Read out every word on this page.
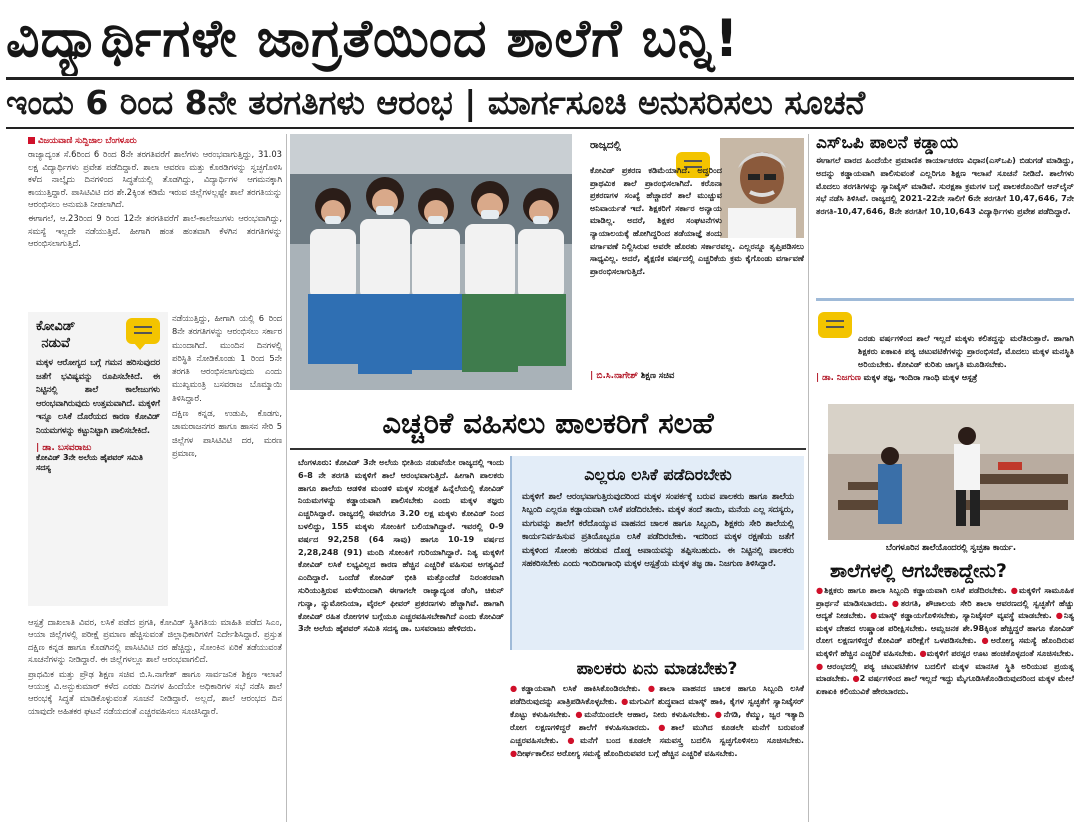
ವಿದ್ಯಾರ್ಥಿಗಳೇ ಜಾಗ್ರತೆಯಿಂದ ಶಾಲೆಗೆ ಬನ್ನಿ!
ಇಂದು 6 ರಿಂದ 8ನೇ ತರಗತಿಗಳು ಆರಂಭ | ಮಾರ್ಗಸೂಚಿ ಅನುಸರಿಸಲು ಸೂಚನೆ

ವಿಜಯವಾಣಿ ಸುದ್ದಿಜಾಲ ಬೆಂಗಳೂರು

ರಾಜ್ಯಾದ್ಯಂತ ಸೆ.6ರಿಂದ 6 ರಿಂದ 8ನೇ ತರಗತಿವರೆಗೆ ಶಾಲೆಗಳು ಆರಂಭವಾಗುತ್ತಿದ್ದು, 31.03 ಲಕ್ಷ ವಿದ್ಯಾರ್ಥಿಗಳು ಪ್ರವೇಶ ಪಡೆದಿದ್ದಾರೆ. ಶಾಲಾ ಆವರಣ ಮತ್ತು ಕೊಠಡಿಗಳನ್ನು ಸ್ವಚ್ಛಗೊಳಿಸಿ ಕಳೆದ ನಾಲ್ಕೈದು ದಿನಗಳಿಂದ ಸಿದ್ಧತೆಯಲ್ಲಿ ತೊಡಗಿದ್ದು, ವಿದ್ಯಾರ್ಥಿಗಳ ಆಗಮನಕ್ಕಾಗಿ ಕಾಯುತ್ತಿದ್ದಾರೆ. ಪಾಸಿಟಿವಿಟಿ ದರ ಶೇ.2ಕ್ಕಿಂತ ಕಡಿಮೆ ಇರುವ ಜಿಲ್ಲೆಗಳಲ್ಲಷ್ಟೇ ಶಾಲೆ ತರಗತಿಯನ್ನು ಆರಂಭಿಸಲು ಅನುಮತಿ ನೀಡಲಾಗಿದೆ.

ಈಗಾಗಲೆ, ಆ.23ರಿಂದ 9 ರಿಂದ 12ನೇ ತರಗತಿವರೆಗೆ ಶಾಲೆ-ಕಾಲೇಜುಗಳು ಆರಂಭವಾಗಿದ್ದು, ಸಮಸ್ಯೆ ಇಲ್ಲದೇ ನಡೆಯುತ್ತಿವೆ. ಹೀಗಾಗಿ ಹಂತ ಹಂತವಾಗಿ ಕೆಳಗಿನ ತರಗತಿಗಳನ್ನು ಆರಂಭಿಸಲಾಗುತ್ತಿದೆ.

ಕೋವಿಡ್
ನಡುವೆ
ಮಕ್ಕಳ ಆರೋಗ್ಯದ ಬಗ್ಗೆ ಗಮನ ಹರಿಸುವುದರ ಜತೆಗೆ ಭವಿಷ್ಯವನ್ನು ರೂಪಿಸಬೇಕಿದೆ. ಈ ನಿಟ್ಟಿನಲ್ಲಿ ಶಾಲೆ ಕಾಲೇಜುಗಳು ಆರಂಭವಾಗಿರುವುದು ಉತ್ತಮವಾಗಿದೆ. ಮಕ್ಕಳಿಗೆ ಇನ್ನೂ ಲಸಿಕೆ ದೊರೆಯದ ಕಾರಣ ಕೋವಿಡ್ ನಿಯಮಗಳನ್ನು ಕಟ್ಟುನಿಟ್ಟಾಗಿ ಪಾಲಿಸಬೇಕಿದೆ.
| ಡಾ. ಬಸವರಾಜು
ಕೋವಿಡ್ 3ನೇ ಅಲೆಯ ಹೈಪವರ್ ಸಮಿತಿ ಸದಸ್ಯ

ನಡೆಯುತ್ತಿದ್ದು, ಹೀಗಾಗಿ ಯಲ್ಲಿ 6 ರಿಂದ 8ನೇ ತರಗತಿಗಳನ್ನು ಆರಂಭಿಸಲು ಸರ್ಕಾರ ಮುಂದಾಗಿದೆ. ಮುಂದಿನ ದಿನಗಳಲ್ಲಿ ಪರಿಸ್ಥಿತಿ ನೋಡಿಕೊಂಡು 1 ರಿಂದ 5ನೇ ತರಗತಿ ಆರಂಭಿಸಲಾಗುವುದು ಎಂದು ಮುಖ್ಯಮಂತ್ರಿ ಬಸವರಾಜ ಬೊಮ್ಮಾಯಿ ತಿಳಿಸಿದ್ದಾರೆ.

ದಕ್ಷಿಣ ಕನ್ನಡ, ಉಡುಪಿ, ಕೊಡಗು, ಚಾಮರಾಜನಗರ ಹಾಗೂ ಹಾಸನ ಸೇರಿ 5 ಜಿಲ್ಲೆಗಳ ಪಾಸಿಟಿವಿಟಿ ದರ, ಮರಣ ಪ್ರಮಾಣ,

ಆಸ್ಪತ್ರೆ ದಾಖಲಾತಿ ವಿವರ, ಲಸಿಕೆ ಪಡೆದ ಪ್ರಗತಿ, ಕೋವಿಡ್ ಸ್ಥಿತಿಗತಿಯ ಮಾಹಿತಿ ಪಡೆದ ಸಿಎಂ, ಆಯಾ ಜಿಲ್ಲೆಗಳಲ್ಲಿ ಪರೀಕ್ಷೆ ಪ್ರಮಾಣ ಹೆಚ್ಚಿಸುವಂತೆ ಜಿಲ್ಲಾಧಿಕಾರಿಗಳಿಗೆ ನಿರ್ದೇಶಿಸಿದ್ದಾರೆ. ಪ್ರಸ್ತುತ ದಕ್ಷಿಣ ಕನ್ನಡ ಹಾಗೂ ಕೊಡಗಿನಲ್ಲಿ ಪಾಸಿಟಿವಿಟಿ ದರ ಹೆಚ್ಚಿದ್ದು, ಸೋಂಕಿನ ಏರಿಕೆ ತಡೆಯುವಂತೆ ಸೂಚನೆಗಳನ್ನು ನೀಡಿದ್ದಾರೆ. ಈ ಜಿಲ್ಲೆಗಳಲ್ಲೂ ಶಾಲೆ ಆರಂಭವಾಗಲಿದೆ.

ಪ್ರಾಥಮಿಕ ಮತ್ತು ಪ್ರೌಢ ಶಿಕ್ಷಣ ಸಚಿವ ಬಿ.ಸಿ.ನಾಗೇಶ್ ಹಾಗೂ ಸಾರ್ವಜನಿಕ ಶಿಕ್ಷಣ ಇಲಾಖೆ ಆಯುಕ್ತ ವಿ.ಅನ್ಬುಕುಮಾರ್ ಕಳೆದ ಎರಡು ದಿನಗಳ ಹಿಂದೆಯೇ ಅಧಿಕಾರಿಗಳ ಸಭೆ ನಡೆಸಿ ಶಾಲೆ ಆರಂಭಕ್ಕೆ ಸಿದ್ಧತೆ ಮಾಡಿಕೊಳ್ಳುವಂತೆ ಸೂಚನೆ ನೀಡಿದ್ದಾರೆ. ಅಲ್ಲದೆ, ಶಾಲೆ ಆರಂಭದ ದಿನ ಯಾವುದೇ ಅಹಿತಕರ ಘಟನೆ ನಡೆಯದಂತೆ ಎಚ್ಚರವಹಿಸಲು ಸೂಚಿಸಿದ್ದಾರೆ.

ರಾಜ್ಯದಲ್ಲಿ
ಕೋವಿಡ್ ಪ್ರಕರಣ ಕಡಿಮೆಯಾಗಿದೆ. ಅದ್ದರಿಂದ ಪ್ರಾಥಮಿಕ ಶಾಲೆ ಪ್ರಾರಂಭಿಸಲಾಗಿದೆ. ಕರೊನಾ ಪ್ರಕರಣಗಳ ಸಂಖ್ಯೆ ಹೆಚ್ಚಾದರೆ ಶಾಲೆ ಮುಚ್ಚುವ ಅನಿವಾರ್ಯತೆ ಇದೆ. ಶಿಕ್ಷಕರಿಗೆ ಸರ್ಕಾರ ಅನ್ಯಾಯ ಮಾಡಿಲ್ಲ. ಅದರೆ, ಶಿಕ್ಷಕರ ಸಂಘಟನೆಗಳು ನ್ಯಾಯಾಲಯಕ್ಕೆ ಹೋಗಿದ್ದರಿಂದ ತಡೆಯಾಜ್ಞೆ ತಂದು ವರ್ಗಾವಣೆ ನಿಲ್ಲಿಸಿರುವ ಅವರೇ ಹೊರತು ಸರ್ಕಾರವಲ್ಲ. ಎಲ್ಲರನ್ನೂ ತೃಪ್ತಿಪಡಿಸಲು ಸಾಧ್ಯವಿಲ್ಲ. ಅದರೆ, ಶೈಕ್ಷಣಿಕ ವರ್ಷದಲ್ಲಿ ಎಚ್ಚರಿಕೆಯ ಕ್ರಮ ಕೈಗೊಂಡು ವರ್ಗಾವಣೆ ಪ್ರಾರಂಭಿಸಲಾಗುತ್ತಿದೆ.
| ಬಿ.ಸಿ.ನಾಗೇಶ್ ಶಿಕ್ಷಣ ಸಚಿವ
ಎಸ್‌ಒಪಿ ಪಾಲನೆ ಕಡ್ಡಾಯ
ಈಗಾಗಲೆ ವಾರದ ಹಿಂದೆಯೇ ಪ್ರಮಾಣಿತ ಕಾರ್ಯಾಚರಣ ವಿಧಾನ(ಎಸ್‌ಒಪಿ) ಬಿಡುಗಡೆ ಮಾಡಿದ್ದು, ಅದನ್ನು ಕಡ್ಡಾಯವಾಗಿ ಪಾಲಿಸುವಂತೆ ಎಲ್ಲರಿಗೂ ಶಿಕ್ಷಣ ಇಲಾಖೆ ಸೂಚನೆ ನೀಡಿದೆ. ಶಾಲೆಗಳು ಮೊದಲು ತರಗತಿಗಳನ್ನು ಸ್ಯಾನಿಟೈಸ್ ಮಾಡಿವೆ. ಸುರಕ್ಷತಾ ಕ್ರಮಗಳ ಬಗ್ಗೆ ಪಾಲಕರೊಂದಿಗೆ ಆನ್‌ಲೈನ್ ಸಭೆ ನಡೆಸಿ ತಿಳಿಸಿವೆ. ರಾಜ್ಯದಲ್ಲಿ 2021-22ನೇ ಸಾಲಿಗೆ 6ನೇ ತರಗತಿಗೆ 10,47,646, 7ನೇ ತರಗತಿ-10,47,646, 8ನೇ ತರಗತಿಗೆ 10,10,643 ವಿದ್ಯಾರ್ಥಿಗಳು ಪ್ರವೇಶ ಪಡೆದಿದ್ದಾರೆ.
ಎರಡು ವರ್ಷಗಳಿಂದ ಶಾಲೆ ಇಲ್ಲದೆ ಮಕ್ಕಳು ಕಲಿತದ್ದನ್ನು ಮರೆತಿರುತ್ತಾರೆ. ಹಾಗಾಗಿ ಶಿಕ್ಷಕರು ಏಕಾಏಕಿ ಪಠ್ಯ ಚಟುವಟಿಕೆಗಳನ್ನು ಪ್ರಾರಂಭಿಸದೆ, ಮೊದಲು ಮಕ್ಕಳ ಮನಸ್ಥಿತಿ ಅರಿಯಬೇಕು. ಕೋವಿಡ್ ಕುರಿತು ಜಾಗೃತಿ ಮೂಡಿಸಬೇಕು.
| ಡಾ. ನಿಜಗುಣ ಮಕ್ಕಳ ತಜ್ಞ, ಇಂದಿರಾ ಗಾಂಧಿ ಮಕ್ಕಳ ಆಸ್ಪತ್ರೆ
ಬೆಂಗಳೂರಿನ ಶಾಲೆಯೊಂದರಲ್ಲಿ ಸ್ವಚ್ಛತಾ ಕಾರ್ಯ.
ಶಾಲೆಗಳಲ್ಲಿ ಆಗಬೇಕಾದ್ದೇನು?
●ಶಿಕ್ಷಕರು ಹಾಗೂ ಶಾಲಾ ಸಿಬ್ಬಂದಿ ಕಡ್ಡಾಯವಾಗಿ ಲಸಿಕೆ ಪಡೆದಿರಬೇಕು. ●ಮಕ್ಕಳಿಗೆ ಸಾಮೂಹಿಕ ಪ್ರಾರ್ಥನೆ ಮಾಡಿಸಬಾರದು. ●ತರಗತಿ, ಶೌಚಾಲಯ ಸೇರಿ ಶಾಲಾ ಆವರಣದಲ್ಲಿ ಸ್ವಚ್ಛತೆಗೆ ಹೆಚ್ಚು ಆದ್ಯತೆ ನೀಡಬೇಕು. ●ಮಾಸ್ಕ್ ಕಡ್ಡಾಯಗೊಳಿಸಬೇಕು, ಸ್ಯಾನಿಟೈಸರ್ ವ್ಯವಸ್ಥೆ ಮಾಡಬೇಕು. ●ನಿತ್ಯ ಮಕ್ಕಳ ದೇಹದ ಉಷ್ಣಾಂಶ ಪರೀಕ್ಷಿಸಬೇಕು. ಆಮ್ಲಜನಕ ಶೇ.98ಕ್ಕಿಂತ ಹೆಚ್ಚಿದ್ದರೆ ಹಾಗೂ ಕೋವಿಡ್ ರೋಗ ಲಕ್ಷಣಗಳಿದ್ದರೆ ಕೋವಿಡ್ ಪರೀಕ್ಷೆಗೆ ಒಳಪಡಿಸಬೇಕು. ●ಅರೋಗ್ಯ ಸಮಸ್ಯೆ ಹೊಂದಿರುವ ಮಕ್ಕಳಿಗೆ ಹೆಚ್ಚಿನ ಎಚ್ಚರಿಕೆ ವಹಿಸಬೇಕು. ●ಮಕ್ಕಳಿಗೆ ಪರಸ್ಪರ ಊಟ ಹಂಚಿಕೊಳ್ಳದಂತೆ ಸೂಚಿಸಬೇಕು. ●ಆರಂಭದಲ್ಲಿ ಪಠ್ಯ ಚಟುವಟಿಕೆಗಳ ಬದಲಿಗೆ ಮಕ್ಕಳ ಮಾನಸಿಕ ಸ್ಥಿತಿ ಅರಿಯುವ ಪ್ರಯತ್ನ ಮಾಡಬೇಕು. ●2 ವರ್ಷಗಳಿಂದ ಶಾಲೆ ಇಲ್ಲದೆ ಇದ್ದು ಮೈಗೂಡಿಸಿಕೊಂಡಿರುವುದರಿಂದ ಮಕ್ಕಳ ಮೇಲೆ ಏಕಾಏಕಿ ಕಲಿಯುವಿಕೆ ಹೇರಬಾರದು.
ಎಚ್ಚರಿಕೆ ವಹಿಸಲು ಪಾಲಕರಿಗೆ ಸಲಹೆ
ಬೆಂಗಳೂರು: ಕೋವಿಡ್ 3ನೇ ಅಲೆಯ ಭೀತಿಯ ನಡುವೆಯೇ ರಾಜ್ಯದಲ್ಲಿ ಇಂದು 6-8 ನೇ ತರಗತಿ ಮಕ್ಕಳಿಗೆ ಶಾಲೆ ಆರಂಭವಾಗುತ್ತಿದೆ. ಹೀಗಾಗಿ ಪಾಲಕರು ಹಾಗೂ ಶಾಲೆಯ ಆಡಳಿತ ಮಂಡಳಿ ಮಕ್ಕಳ ಸುರಕ್ಷತೆ ಹಿನ್ನೆಲೆಯಲ್ಲಿ ಕೋವಿಡ್ ನಿಯಮಗಳನ್ನು ಕಡ್ಡಾಯವಾಗಿ ಪಾಲಿಸಬೇಕು ಎಂದು ಮಕ್ಕಳ ತಜ್ಞರು ಎಚ್ಚರಿಸಿದ್ದಾರೆ. ರಾಜ್ಯದಲ್ಲಿ ಈವರೆಗೂ 3.20 ಲಕ್ಷ ಮಕ್ಕಳು ಕೋವಿಡ್ ನಿಂದ ಬಳಲಿದ್ದು, 155 ಮಕ್ಕಳು ಸೋಂಕಿಗೆ ಬಲಿಯಾಗಿದ್ದಾರೆ. ಇವರಲ್ಲಿ 0-9 ವರ್ಷದ 92,258 (64 ಸಾವು) ಹಾಗೂ 10-19 ವರ್ಷದ 2,28,248 (91) ಮಂದಿ ಸೋಂಕಿಗೆ ಗುರಿಯಾಗಿದ್ದಾರೆ. ನಿತ್ಯ ಮಕ್ಕಳಿಗೆ ಕೋವಿಡ್ ಲಸಿಕೆ ಲಭ್ಯವಿಲ್ಲದ ಕಾರಣ ಹೆಚ್ಚಿನ ಎಚ್ಚರಿಕೆ ವಹಿಸುವ ಅಗತ್ಯವಿದೆ ಎಂದಿದ್ದಾರೆ. ಒಂದೆಡೆ ಕೋವಿಡ್ ಭೀತಿ ಮತ್ತೊಂದೆಡೆ ನಿರಂತರವಾಗಿ ಸುರಿಯುತ್ತಿರುವ ಮಳೆಯಿಂದಾಗಿ ಈಗಾಗಲೇ ರಾಜ್ಯಾದ್ಯಂತ ಡೆಂಗಿ, ಚಿಕುನ್ ಗುನ್ಯಾ, ನ್ಯುಮೋನಿಯಾ, ವೈರಲ್ ಫೀವರ್ ಪ್ರಕರಣಗಳು ಹೆಚ್ಚಾಗಿವೆ. ಹಾಗಾಗಿ ಕೋವಿಡ್ ರಹಿತ ರೋಗಗಳ ಬಗ್ಗೆಯೂ ಎಚ್ಚರವಹಿಸಬೇಕಾಗಿದೆ ಎಂದು ಕೋವಿಡ್ 3ನೇ ಅಲೆಯ ಹೈಪವರ್ ಸಮಿತಿ ಸದಸ್ಯ ಡಾ. ಬಸವರಾಜು ಹೇಳಿದರು.
ಎಲ್ಲರೂ ಲಸಿಕೆ ಪಡೆದಿರಬೇಕು
ಮಕ್ಕಳಿಗೆ ಶಾಲೆ ಆರಂಭವಾಗುತ್ತಿರುವುದರಿಂದ ಮಕ್ಕಳ ಸಂಪರ್ಕಕ್ಕೆ ಬರುವ ಪಾಲಕರು ಹಾಗೂ ಶಾಲೆಯ ಸಿಬ್ಬಂದಿ ಎಲ್ಲರೂ ಕಡ್ಡಾಯವಾಗಿ ಲಸಿಕೆ ಪಡೆದಿರಬೇಕು. ಮಕ್ಕಳ ತಂದೆ ತಾಯಿ, ಮನೆಯ ಎಲ್ಲ ಸದಸ್ಯರು, ಮಗುವನ್ನು ಶಾಲೆಗೆ ಕರೆದೊಯ್ಯುವ ವಾಹನದ ಚಾಲಕ ಹಾಗೂ ಸಿಬ್ಬಂದಿ, ಶಿಕ್ಷಕರು ಸೇರಿ ಶಾಲೆಯಲ್ಲಿ ಕಾರ್ಯನಿರ್ವಹಿಸುವ ಪ್ರತಿಯೊಬ್ಬರೂ ಲಸಿಕೆ ಪಡೆದಿರಬೇಕು. ಇದರಿಂದ ಮಕ್ಕಳ ರಕ್ಷಣೆಯ ಜತೆಗೆ ಮಕ್ಕಳಿಂದ ಸೋಂಕು ಹರಡುವ ದೊಡ್ಡ ಅಪಾಯವನ್ನು ತಪ್ಪಿಸಬಹುದು. ಈ ನಿಟ್ಟಿನಲ್ಲಿ ಪಾಲಕರು ಸಹಕರಿಸಬೇಕು ಎಂದು ಇಂದಿರಾಗಾಂಧಿ ಮಕ್ಕಳ ಆಸ್ಪತ್ರೆಯ ಮಕ್ಕಳ ತಜ್ಞ ಡಾ. ನಿಜಗುಣ ತಿಳಿಸಿದ್ದಾರೆ.
ಪಾಲಕರು ಏನು ಮಾಡಬೇಕು?
●ಕಡ್ಡಾಯವಾಗಿ ಲಸಿಕೆ ಹಾಕಿಸಿಕೊಂಡಿರಬೇಕು. ●ಶಾಲಾ ವಾಹನದ ಚಾಲಕ ಹಾಗೂ ಸಿಬ್ಬಂದಿ ಲಸಿಕೆ ಪಡೆದಿರುವುದನ್ನು ಖಾತ್ರಿಪಡಿಸಿಕೊಳ್ಳಬೇಕು. ●ಮಗುವಿಗೆ ಶುದ್ಧವಾದ ಮಾಸ್ಕ್ ಹಾಕಿ, ಕೈಗಳ ಸ್ವಚ್ಛತೆಗೆ ಸ್ಯಾನಿಟೈಸರ್ ಕೊಟ್ಟು ಕಳುಹಿಸಬೇಕು. ●ಮನೆಯಿಂದಲೇ ಆಹಾರ, ನೀರು ಕಳುಹಿಸಬೇಕು. ●ನೆಗಡಿ, ಕೆಮ್ಮು, ಜ್ವರ ಇತ್ಯಾದಿ ರೋಗ ಲಕ್ಷಣಗಳಿದ್ದರೆ ಶಾಲೆಗೆ ಕಳುಹಿಸಬಾರದು. ●ಶಾಲೆ ಮುಗಿದ ಕೂಡಲೇ ಮನೆಗೆ ಬರುವಂತೆ ಎಚ್ಚರವಹಿಸಬೇಕು. ●ಮನೆಗೆ ಬಂದ ಕೂಡಲೇ ಸಮವಸ್ತ್ರ ಬದಲಿಸಿ ಸ್ವಚ್ಛಗೊಳಿಸಲು ಸೂಚಿಸಬೇಕು. ●ದೀರ್ಘಕಾಲೀನ ಅರೋಗ್ಯ ಸಮಸ್ಯೆ ಹೊಂದಿರುವವರ ಬಗ್ಗೆ ಹೆಚ್ಚಿನ ಎಚ್ಚರಿಕೆ ವಹಿಸಬೇಕು.
